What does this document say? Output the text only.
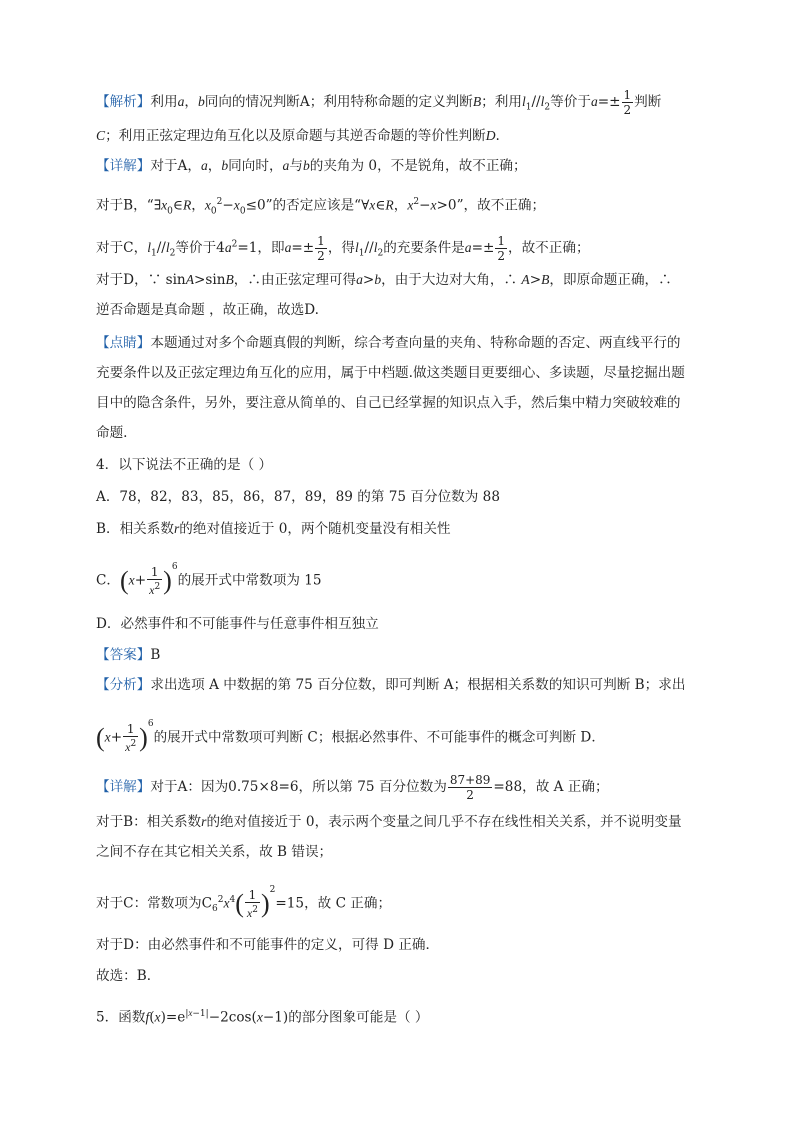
【解析】利用a，b同向的情况判断A；利用特称命题的定义判断B；利用$l_1//l_2$等价于$a=\pm \frac{1}{2}$ 判断
C；利用正弦定理边角互化以及原命题与其逆否命题的等价性判断D.
【详解】对于A，a，b同向时，a与b的夹角为 0，不是锐角，故不正确；
对于B，“$\exists x_0\in R$，$x_0^2-x_0\le 0$”的否定应该是“∀x∈R，$x^2-x>0$”，故不正确；
对于C，$l_1//l_2$等价于$4a^2=1$，即$a=\pm \frac{1}{2}$ ，得$l_1//l_2$的充要条件是$a=\pm \frac{1}{2}$ ，故不正确；
对于D，∵ sinA>sinB，∴由正弦定理可得a>b，由于大边对大角，∴ A>B，即原命题正确，∴
逆否命题是真命题 ，故正确，故选D.
【点睛】本题通过对多个命题真假的判断，综合考查向量的夹角、特称命题的否定、两直线平行的
充要条件以及正弦定理边角互化的应用，属于中档题.做这类题目更要细心、多读题，尽量挖掘出题
目中的隐含条件，另外，要注意从简单的、自己已经掌握的知识点入手，然后集中精力突破较难的
命题.
4．以下说法不正确的是（ ）
A．78，82，83，85，86，87，89，89 的第 75 百分位数为 88
B．相关系数r的绝对值接近于 0，两个随机变量没有相关性
C．$(x+ \frac{1}{x^2} )^6$的展开式中常数项为 15
D．必然事件和不可能事件与任意事件相互独立
【答案】B
【分析】求出选项 A 中数据的第 75 百分位数，即可判断 A；根据相关系数的知识可判断 B；求出
$(x+ \frac{1}{x^2} )^6$的展开式中常数项可判断 C；根据必然事件、不可能事件的概念可判断 D．
【详解】对于A：因为0.75×8=6，所以第 75 百分位数为 $\frac{87+89}{2} =88$，故 A 正确；
对于B：相关系数r的绝对值接近于 0，表示两个变量之间几乎不存在线性相关关系，并不说明变量
之间不存在其它相关关系，故 B 错误；
对于C：常数项为$C_6^2x^4( \frac{1}{x^2} )^2=15$，故 C 正确；
对于D：由必然事件和不可能事件的定义，可得 D 正确．
故选：B．
5．函数$f(x)=e^{|x-1|}-2\cos(x-1)$的部分图象可能是（ ）
